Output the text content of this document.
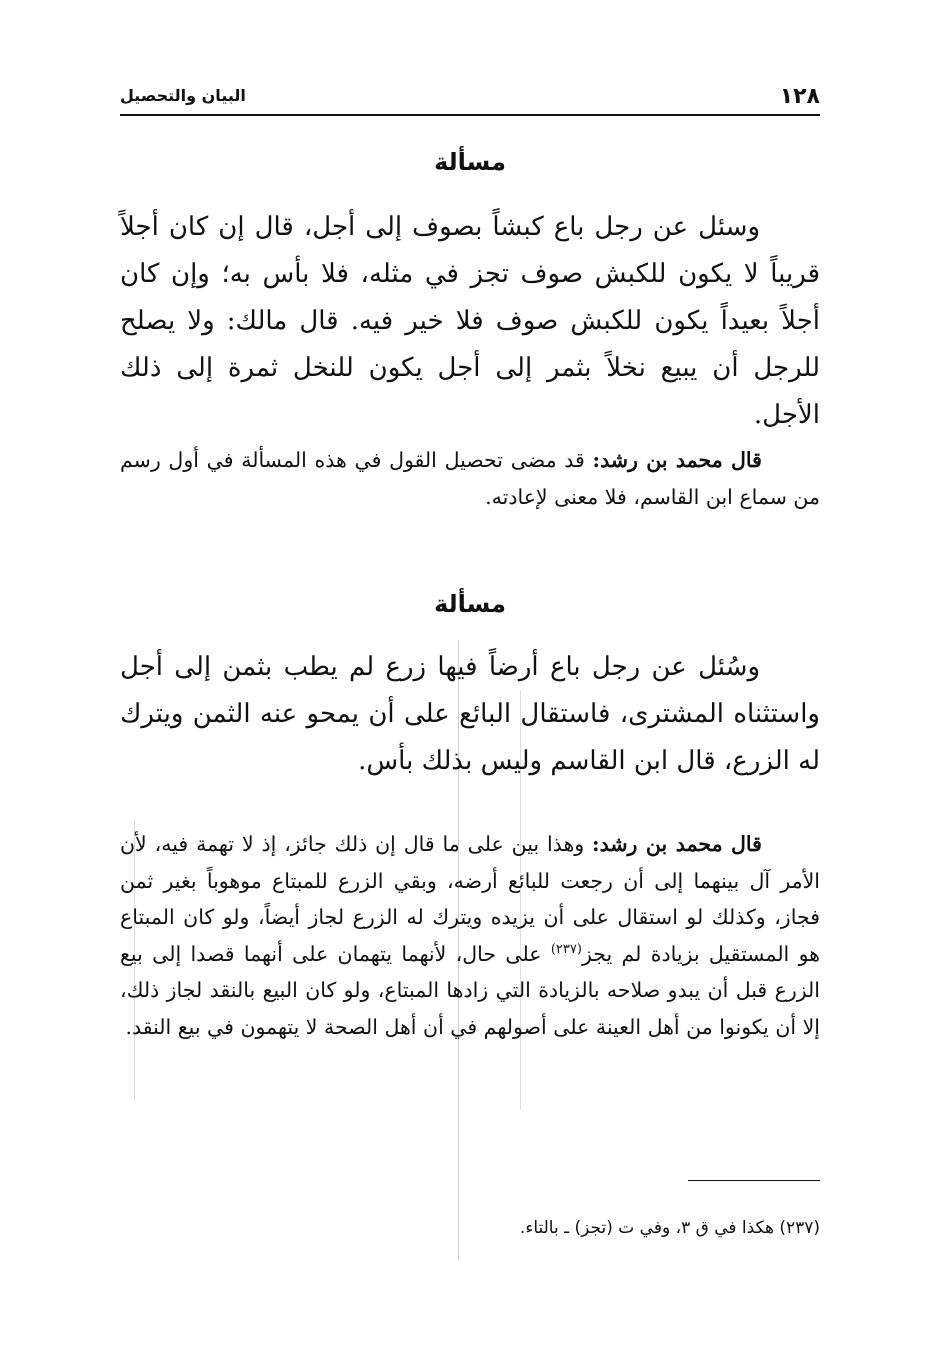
١٢٨
البيان والتحصيل
مسألة
وسئل عن رجل باع كبشاً بصوف إلى أجل، قال إن كان أجلاً قريباً لا يكون للكبش صوف تجز في مثله، فلا بأس به؛ وإن كان أجلاً بعيداً يكون للكبش صوف فلا خير فيه. قال مالك: ولا يصلح للرجل أن يبيع نخلاً بثمر إلى أجل يكون للنخل ثمرة إلى ذلك الأجل.
قال محمد بن رشد: قد مضى تحصيل القول في هذه المسألة في أول رسم من سماع ابن القاسم، فلا معنى لإعادته.
مسألة
وسُئل عن رجل باع أرضاً فيها زرع لم يطب بثمن إلى أجل واستثناه المشترى، فاستقال البائع على أن يمحو عنه الثمن ويترك له الزرع، قال ابن القاسم وليس بذلك بأس.
قال محمد بن رشد: وهذا بين على ما قال إن ذلك جائز، إذ لا تهمة فيه، لأن الأمر آل بينهما إلى أن رجعت للبائع أرضه، وبقي الزرع للمبتاع موهوباً بغير ثمن فجاز، وكذلك لو استقال على أن يزيده ويترك له الزرع لجاز أيضاً، ولو كان المبتاع هو المستقيل بزيادة لم يجز$^{(٢٣٧)}$ على حال، لأنهما يتهمان على أنهما قصدا إلى بيع الزرع قبل أن يبدو صلاحه بالزيادة التي زادها المبتاع، ولو كان البيع بالنقد لجاز ذلك، إلا أن يكونوا من أهل العينة على أصولهم في أن أهل الصحة لا يتهمون في بيع النقد.
(٢٣٧) هكذا في ق ٣، وفي ت (تجز) ـ بالتاء.
